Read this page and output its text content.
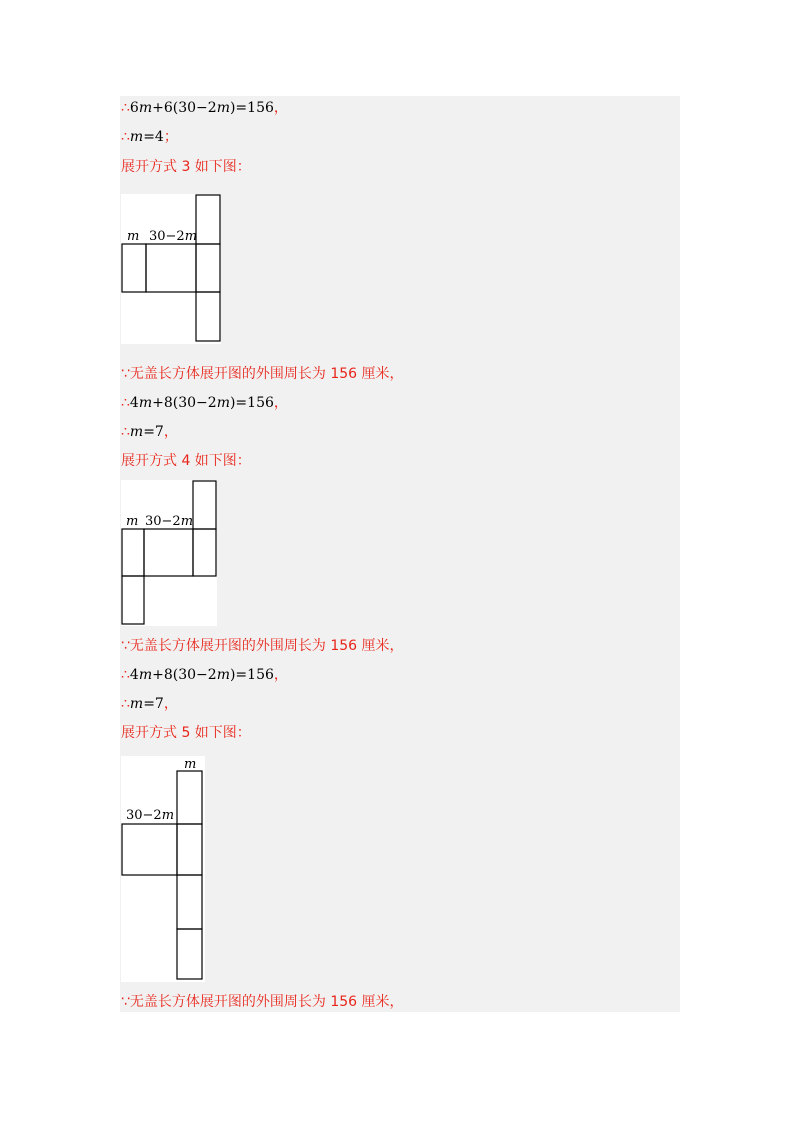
∴6m+6(30−2m)=156，
∴m=4；
展开方式 3 如下图：
m 30−2m
∵无盖长方体展开图的外围周长为 156 厘米，
∴4m+8(30−2m)=156，
∴m=7，
展开方式 4 如下图：
m 30−2m
∵无盖长方体展开图的外围周长为 156 厘米，
∴4m+8(30−2m)=156，
∴m=7，
展开方式 5 如下图：
m
30−2m
∵无盖长方体展开图的外围周长为 156 厘米，
